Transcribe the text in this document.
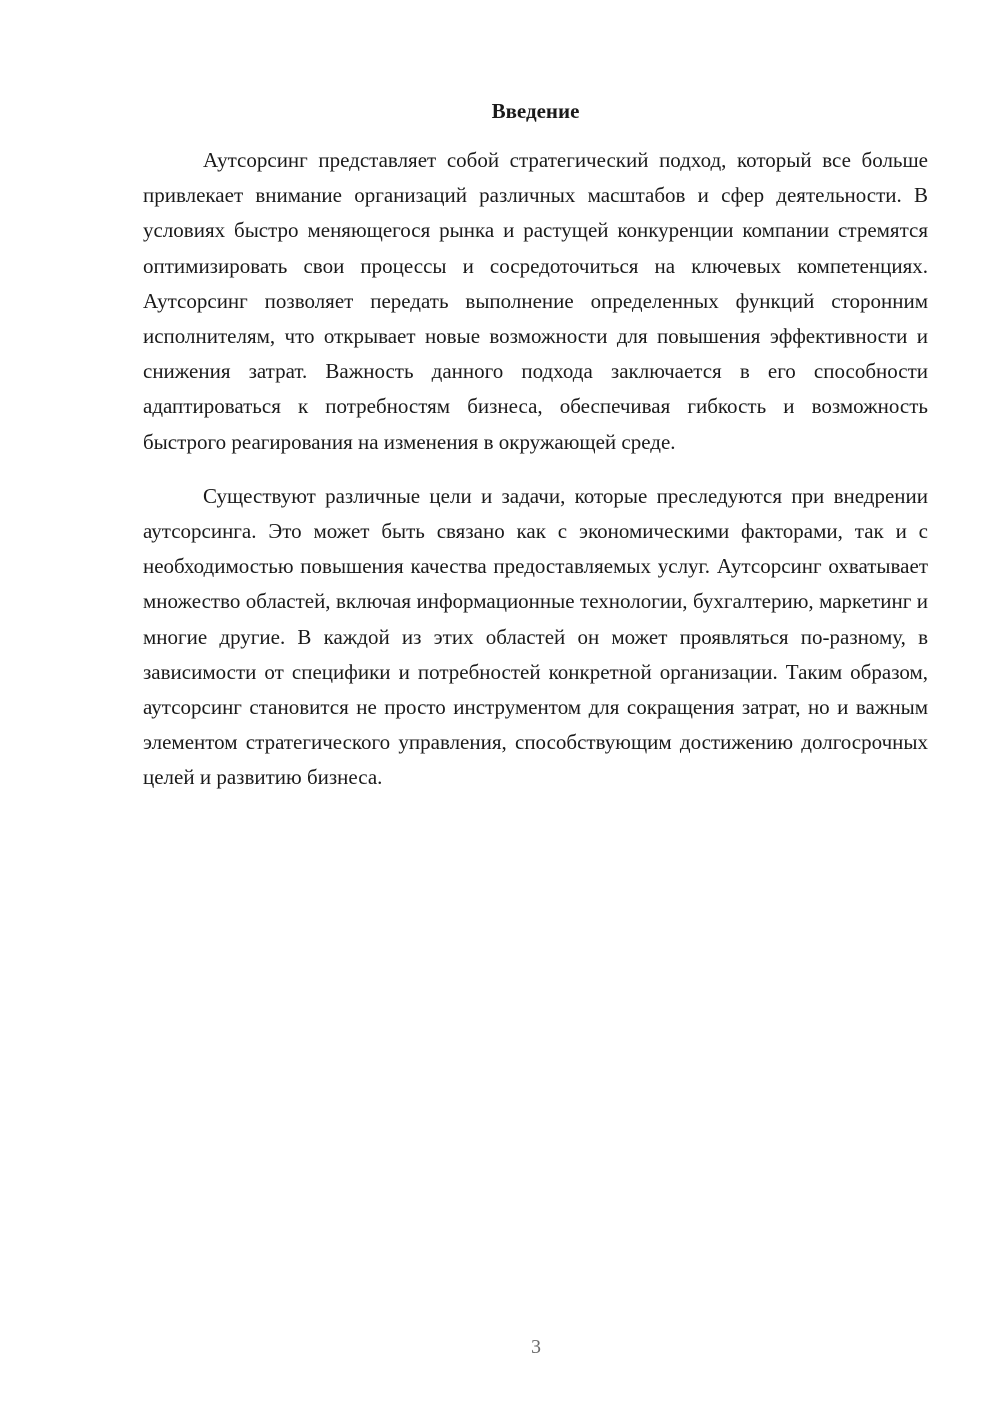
Введение

Аутсорсинг представляет собой стратегический подход, который все больше привлекает внимание организаций различных масштабов и сфер деятельности. В условиях быстро меняющегося рынка и растущей конкуренции компании стремятся оптимизировать свои процессы и сосредоточиться на ключевых компетенциях. Аутсорсинг позволяет передать выполнение определенных функций сторонним исполнителям, что открывает новые возможности для повышения эффективности и снижения затрат. Важность данного подхода заключается в его способности адаптироваться к потребностям бизнеса, обеспечивая гибкость и возможность быстрого реагирования на изменения в окружающей среде.

Существуют различные цели и задачи, которые преследуются при внедрении аутсорсинга. Это может быть связано как с экономическими факторами, так и с необходимостью повышения качества предоставляемых услуг. Аутсорсинг охватывает множество областей, включая информационные технологии, бухгалтерию, маркетинг и многие другие. В каждой из этих областей он может проявляться по-разному, в зависимости от специфики и потребностей конкретной организации. Таким образом, аутсорсинг становится не просто инструментом для сокращения затрат, но и важным элементом стратегического управления, способствующим достижению долгосрочных целей и развитию бизнеса.

3
